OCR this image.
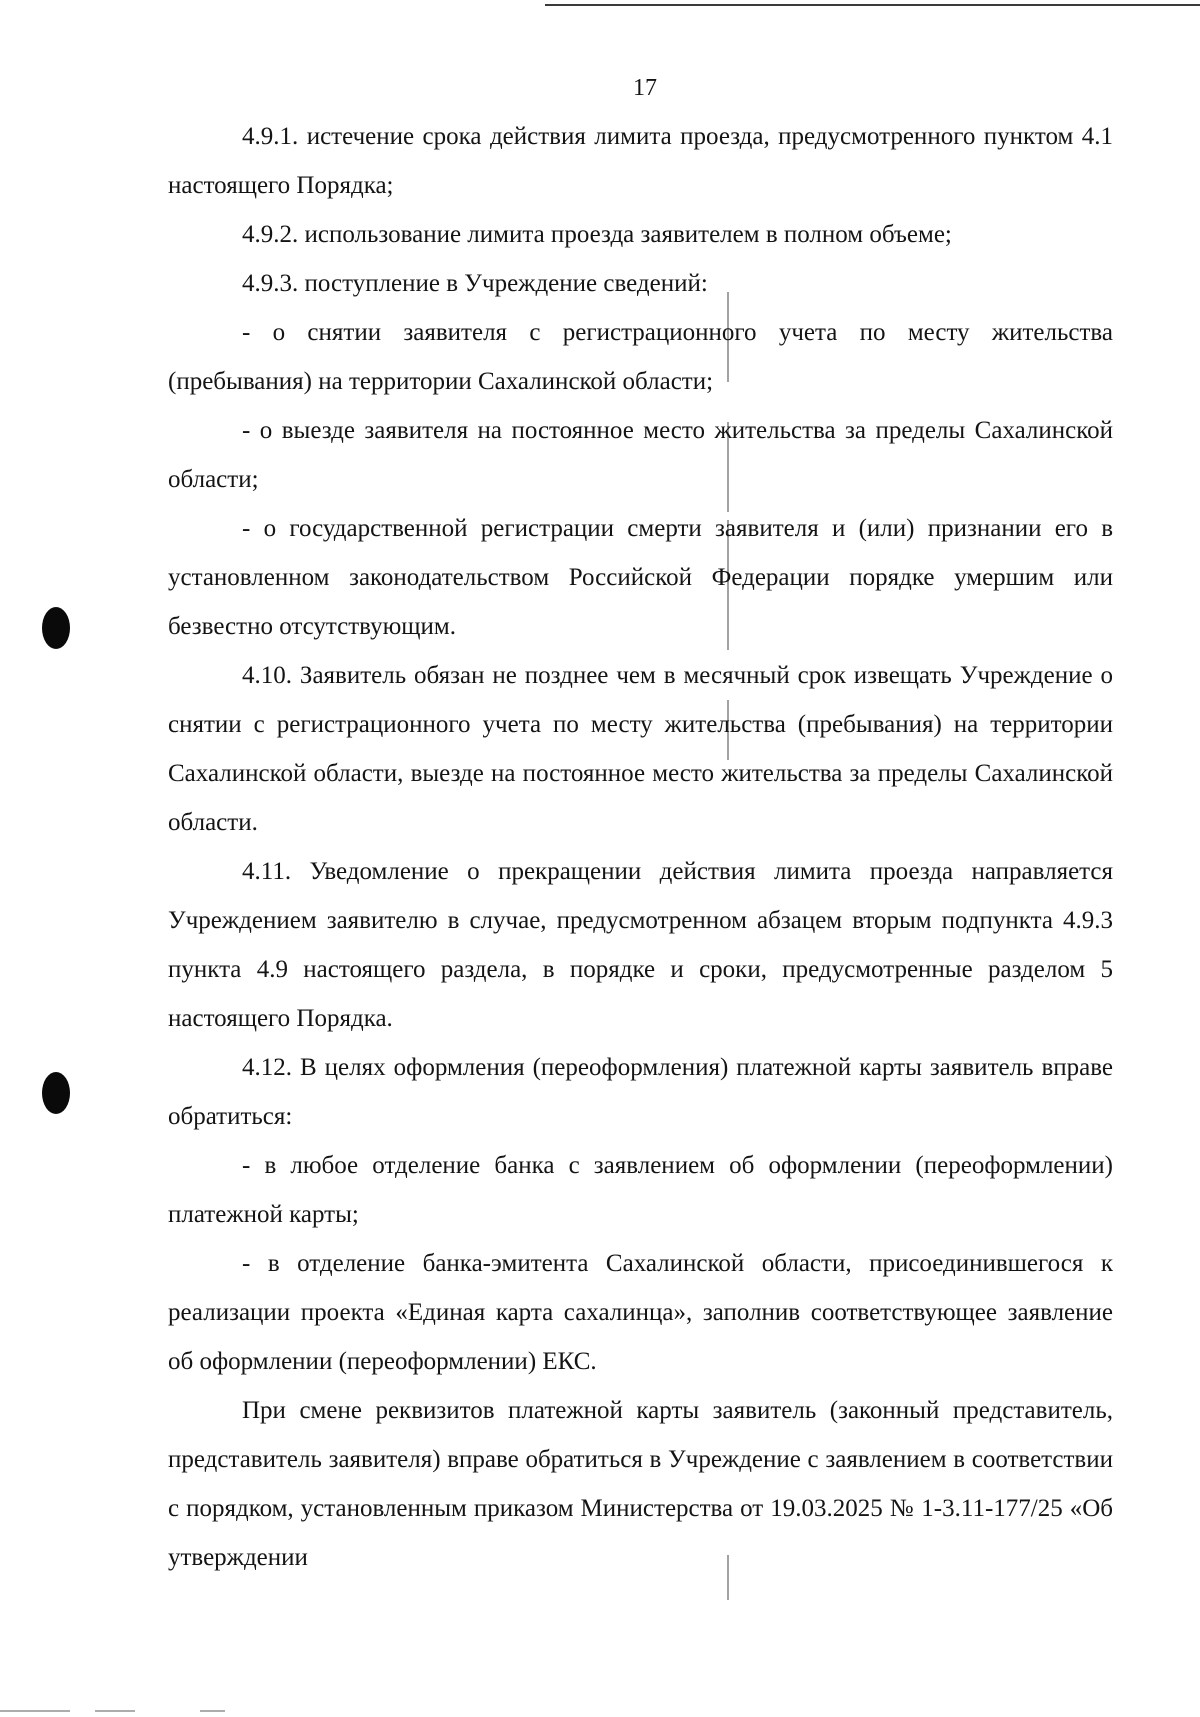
17

4.9.1. истечение срока действия лимита проезда, предусмотренного пунктом 4.1 настоящего Порядка;

4.9.2. использование лимита проезда заявителем в полном объеме;

4.9.3. поступление в Учреждение сведений:

- о снятии заявителя с регистрационного учета по месту жительства (пребывания) на территории Сахалинской области;

- о выезде заявителя на постоянное место жительства за пределы Сахалинской области;

- о государственной регистрации смерти заявителя и (или) признании его в установленном законодательством Российской Федерации порядке умершим или безвестно отсутствующим.

4.10. Заявитель обязан не позднее чем в месячный срок извещать Учреждение о снятии с регистрационного учета по месту жительства (пребывания) на территории Сахалинской области, выезде на постоянное место жительства за пределы Сахалинской области.

4.11. Уведомление о прекращении действия лимита проезда направляется Учреждением заявителю в случае, предусмотренном абзацем вторым подпункта 4.9.3 пункта 4.9 настоящего раздела, в порядке и сроки, предусмотренные разделом 5 настоящего Порядка.

4.12. В целях оформления (переоформления) платежной карты заявитель вправе обратиться:

- в любое отделение банка с заявлением об оформлении (переоформлении) платежной карты;

- в отделение банка-эмитента Сахалинской области, присоединившегося к реализации проекта «Единая карта сахалинца», заполнив соответствующее заявление об оформлении (переоформлении) ЕКС.

При смене реквизитов платежной карты заявитель (законный представитель, представитель заявителя) вправе обратиться в Учреждение с заявлением в соответствии с порядком, установленным приказом Министерства от 19.03.2025 № 1-3.11-177/25 «Об утверждении
